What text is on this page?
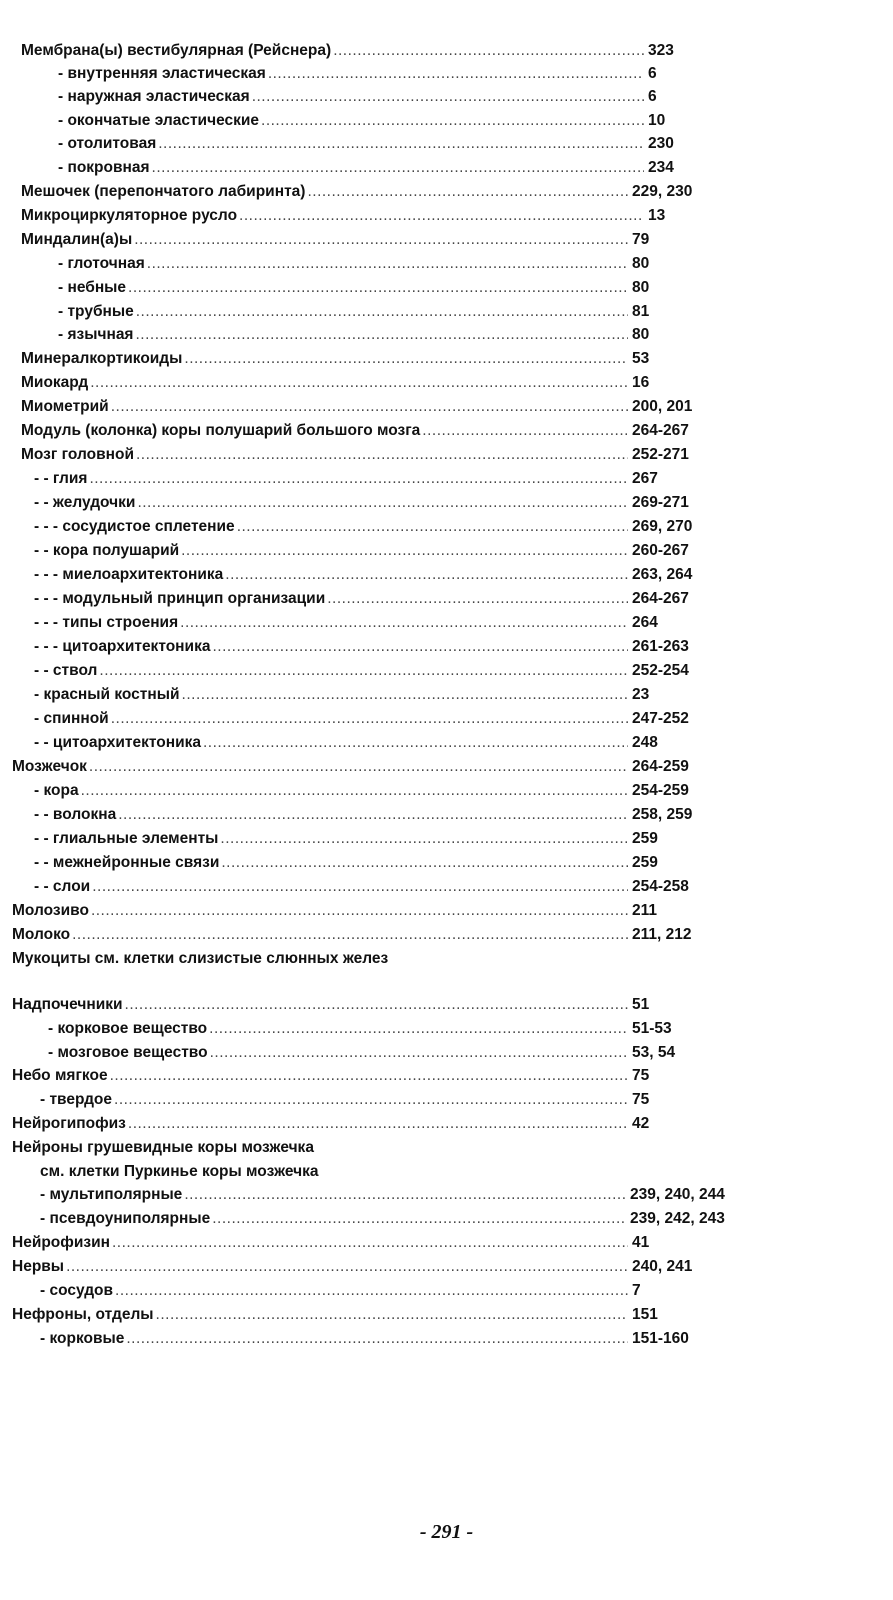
Мембрана(ы) вестибулярная (Рейснера) .....	323
- внутренняя эластическая .....	6
- наружная эластическая .....	6
- окончатые эластические .....	10
- отолитовая .....	230
- покровная .....	234
Мешочек (перепончатого лабиринта) .....	229, 230
Микроциркуляторное русло .....	13
Миндалин(а)ы .....	79
- глоточная .....	80
- небные .....	80
- трубные .....	81
- язычная .....	80
Минералкортикоиды .....	53
Миокард .....	16
Миометрий .....	200, 201
Модуль (колонка) коры полушарий большого мозга .....	264-267
Мозг головной .....	252-271
- - глия .....	267
- - желудочки .....	269-271
- - - сосудистое сплетение .....	269, 270
- - кора полушарий .....	260-267
- - - миелоархитектоника .....	263, 264
- - - модульный принцип организации .....	264-267
- - - типы строения .....	264
- - - цитоархитектоника .....	261-263
- - ствол .....	252-254
- красный костный .....	23
- спинной .....	247-252
- - цитоархитектоника .....	248
Мозжечок .....	264-259
- кора .....	254-259
- - волокна .....	258, 259
- - глиальные элементы .....	259
- - межнейронные связи .....	259
- - слои .....	254-258
Молозиво .....	211
Молоко .....	211, 212
Мукоциты см. клетки слизистые слюнных желез
Надпочечники .....	51
- корковое вещество .....	51-53
- мозговое вещество .....	53, 54
Небо мягкое .....	75
- твердое .....	75
Нейрогипофиз .....	42
Нейроны грушевидные коры мозжечка
см. клетки Пуркинье коры мозжечка
- мультиполярные .....	239, 240, 244
- псевдоуниполярные .....	239, 242, 243
Нейрофизин .....	41
Нервы .....	240, 241
- сосудов .....	7
Нефроны, отделы .....	151
- корковые .....	151-160
- 291 -
